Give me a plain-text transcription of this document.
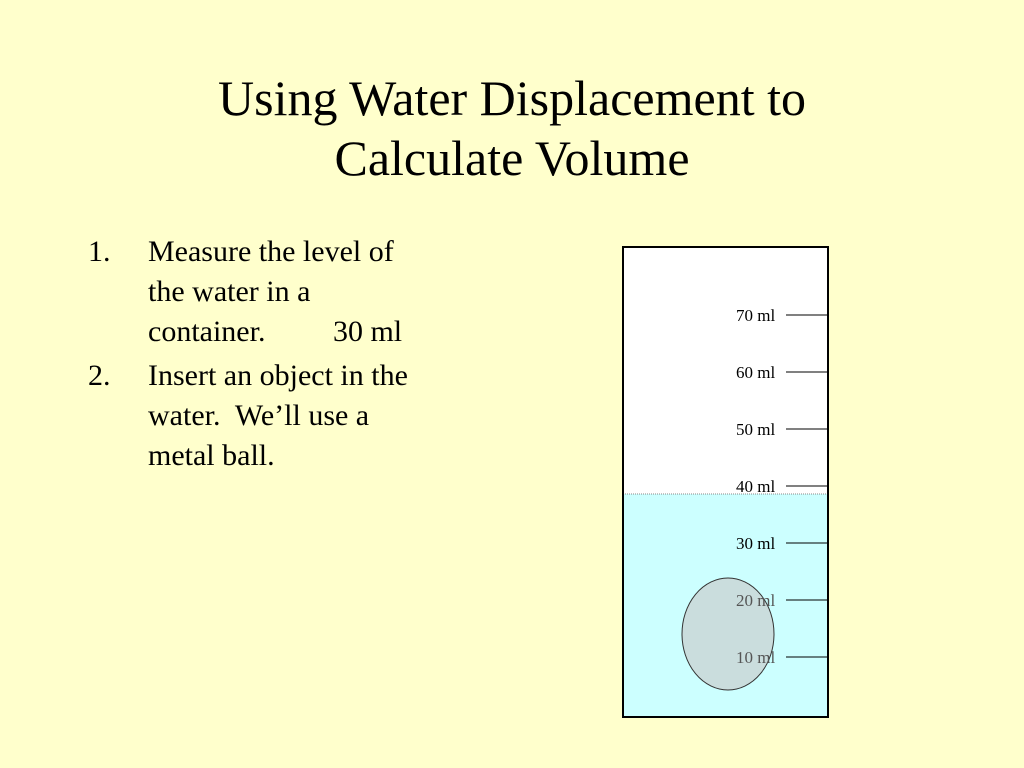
Using Water Displacement to
Calculate Volume
1. Measure the level of
the water in a
container.         30 ml
2. Insert an object in the
water.  We’ll use a
metal ball.
70 ml
60 ml
50 ml
40 ml
30 ml
20 ml
10 ml
